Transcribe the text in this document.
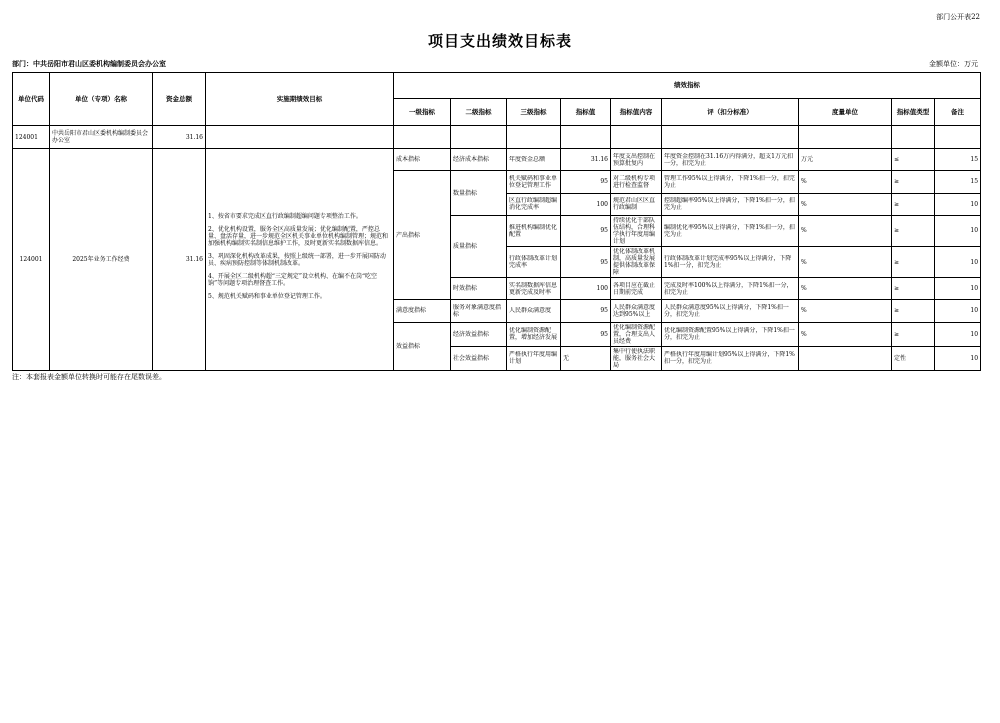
部门公开表22
项目支出绩效目标表
部门：中共岳阳市君山区委机构编制委员会办公室	金额单位：万元
单位代码	单位（专项）名称	资金总额	实施期绩效目标	绩效指标								
				一级指标	二级指标	三级指标	指标值	指标值内容	评（扣分标准）	度量单位	指标值类型	备注
124001	中共岳阳市君山区委机构编制委员会办公室	31.16										
124001	2025年业务工作经费	31.16	1、按省市要求完成区直行政编制超编问题专项整治工作。
2、优化机构设置，服务全区高质量发展；优化编制配置，严控总量、盘活存量，进一步规范全区机关事业单位机构编制管理；规范和加强机构编制实名制信息维护工作，及时更新实名制数据库信息。
3、巩固深化机构改革成果，按照上级统一部署，进一步开展国防动员、疾病预防控制等体制机制改革。
4、开展全区二级机构超“三定规定”设立机构、在编不在岗“吃空饷”等问题专项治理督查工作。
5、规范机关赋码和事业单位登记管理工作。	成本指标	经济成本指标	年度资金总额	31.16	年度支出控制在预算批复内	年度资金控制在31.16万内得满分，超支1万元扣一分，扣完为止	万元	≤	15
				产出指标	数量指标	机关赋码和事业单位登记管理工作	95	对二级机构专项进行检查监督	管理工作95%以上得满分，下降1%扣一分，扣完为止	%	≥	15

						区直行政编制超编消化完成率	100	规范君山区区直行政编制	控制超编率95%以上得满分，下降1%扣一分，扣完为止	%	≥	10
					质量指标	推进机构编制优化配置	95	持续优化干部队伍结构，合理科学执行年度用编计划	编制优化率95%以上得满分，下降1%扣一分，扣完为止	%	≥	10

						行政体制改革计划完成率	95	优化体制改革机制，高质量发展提供体制改革保障	行政体制改革计划完成率95%以上得满分，下降1%扣一分，扣完为止	%	≥	10
					时效指标	实名制数据库信息更新完成及时率	100	各项目应在截止日期前完成	完成及时率100%以上得满分，下降1%扣一分，扣完为止	%	≥	10
				满意度指标	服务对象满意度指标	人民群众满意度	95	人民群众满意度达到95%以上	人民群众满意度95%以上得满分，下降1%扣一分，扣完为止	%	≥	10
				效益指标	经济效益指标	优化编制资源配置，增加经济发展	95	优化编制资源配置，合理支出人员经费	优化编制资源配置95%以上得满分，下降1%扣一分，扣完为止	%	≥	10
					社会效益指标	严格执行年度用编计划	无	集中行使执法职能，服务社会大局	严格执行年度用编计划95%以上得满分，下降1%扣一分，扣完为止		定性	10
注：本套报表金额单位转换时可能存在尾数误差。
